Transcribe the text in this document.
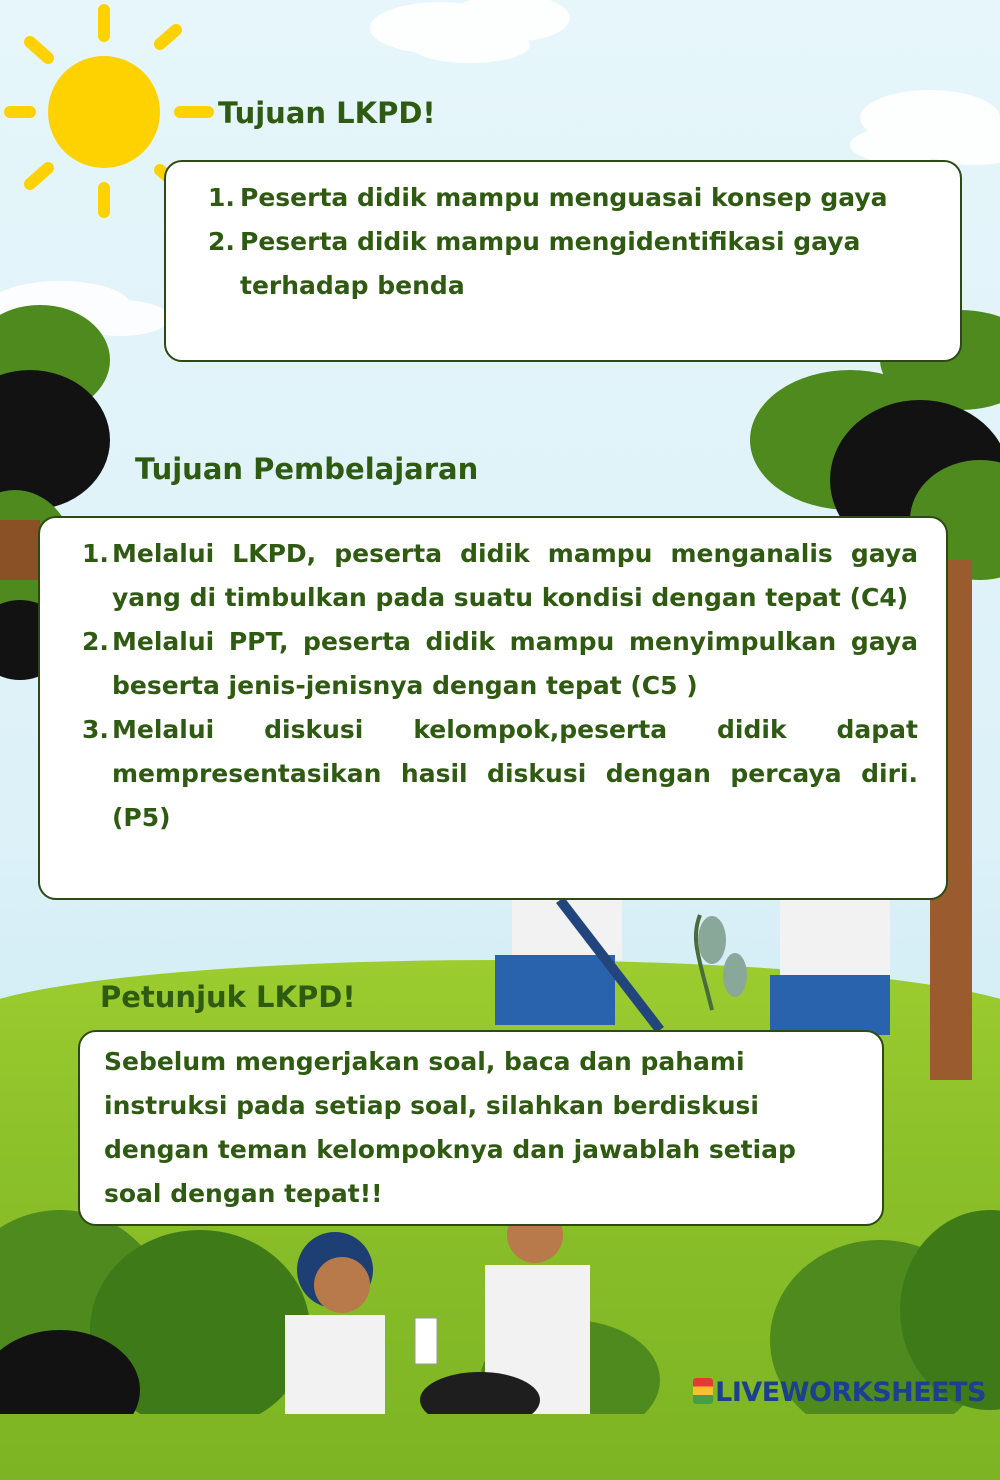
Tujuan LKPD!
1. Peserta didik mampu menguasai konsep gaya
2. Peserta didik mampu mengidentifikasi gaya terhadap benda
Tujuan Pembelajaran
1. Melalui LKPD, peserta didik mampu menganalis gaya yang di timbulkan pada suatu kondisi dengan tepat (C4)
2. Melalui PPT, peserta didik mampu menyimpulkan gaya beserta jenis-jenisnya dengan tepat (C5 )
3. Melalui diskusi kelompok,peserta didik dapat mempresentasikan hasil diskusi dengan percaya diri. (P5)
Petunjuk LKPD!
Sebelum mengerjakan soal, baca dan pahami instruksi pada setiap soal, silahkan berdiskusi dengan teman kelompoknya dan jawablah setiap soal dengan tepat!!
LIVEWORKSHEETS
